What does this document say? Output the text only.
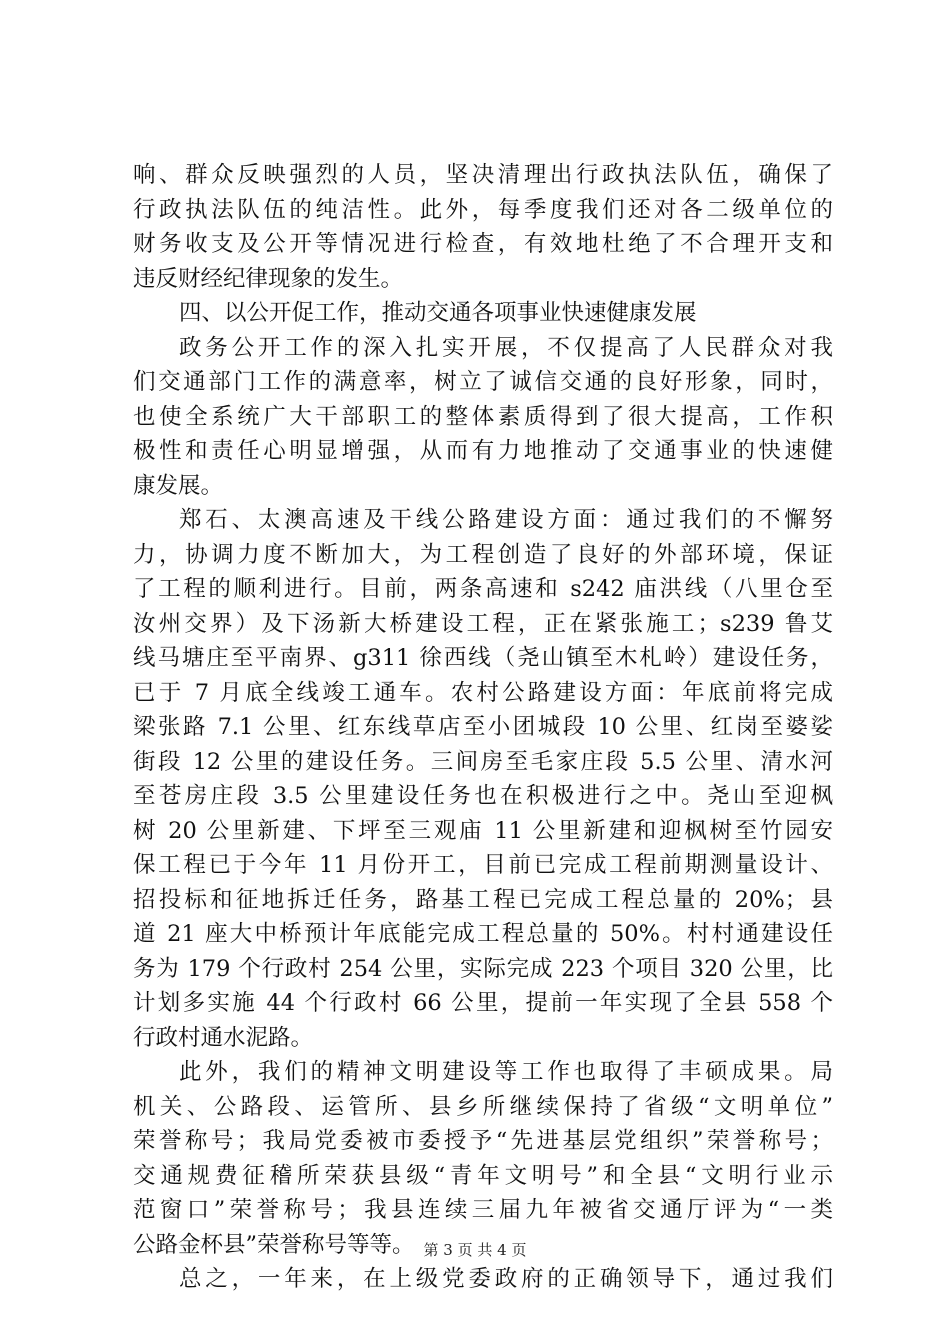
响、群众反映强烈的人员，坚决清理出行政执法队伍，确保了
行政执法队伍的纯洁性。此外，每季度我们还对各二级单位的
财务收支及公开等情况进行检查，有效地杜绝了不合理开支和
违反财经纪律现象的发生。
四、以公开促工作，推动交通各项事业快速健康发展
政务公开工作的深入扎实开展，不仅提高了人民群众对我
们交通部门工作的满意率，树立了诚信交通的良好形象，同时，
也使全系统广大干部职工的整体素质得到了很大提高，工作积
极性和责任心明显增强，从而有力地推动了交通事业的快速健
康发展。
郑石、太澳高速及干线公路建设方面：通过我们的不懈努
力，协调力度不断加大，为工程创造了良好的外部环境，保证
了工程的顺利进行。目前，两条高速和 s242 庙洪线（八里仓至
汝州交界）及下汤新大桥建设工程，正在紧张施工；s239 鲁艾
线马塘庄至平南界、g311 徐西线（尧山镇至木札岭）建设任务，
已于 7 月底全线竣工通车。农村公路建设方面：年底前将完成
梁张路 7.1 公里、红东线草店至小团城段 10 公里、红岗至婆娑
街段 12 公里的建设任务。三间房至毛家庄段 5.5 公里、清水河
至苍房庄段 3.5 公里建设任务也在积极进行之中。尧山至迎枫
树 20 公里新建、下坪至三观庙 11 公里新建和迎枫树至竹园安
保工程已于今年 11 月份开工，目前已完成工程前期测量设计、
招投标和征地拆迁任务，路基工程已完成工程总量的 20%；县
道 21 座大中桥预计年底能完成工程总量的 50%。村村通建设任
务为 179 个行政村 254 公里，实际完成 223 个项目 320 公里，比
计划多实施 44 个行政村 66 公里，提前一年实现了全县 558 个
行政村通水泥路。
此外，我们的精神文明建设等工作也取得了丰硕成果。局
机关、公路段、运管所、县乡所继续保持了省级“文明单位”
荣誉称号；我局党委被市委授予“先进基层党组织”荣誉称号；
交通规费征稽所荣获县级“青年文明号”和全县“文明行业示
范窗口”荣誉称号；我县连续三届九年被省交通厅评为“一类
公路金杯县”荣誉称号等等。
总之，一年来，在上级党委政府的正确领导下，通过我们
第 3 页 共 4 页
